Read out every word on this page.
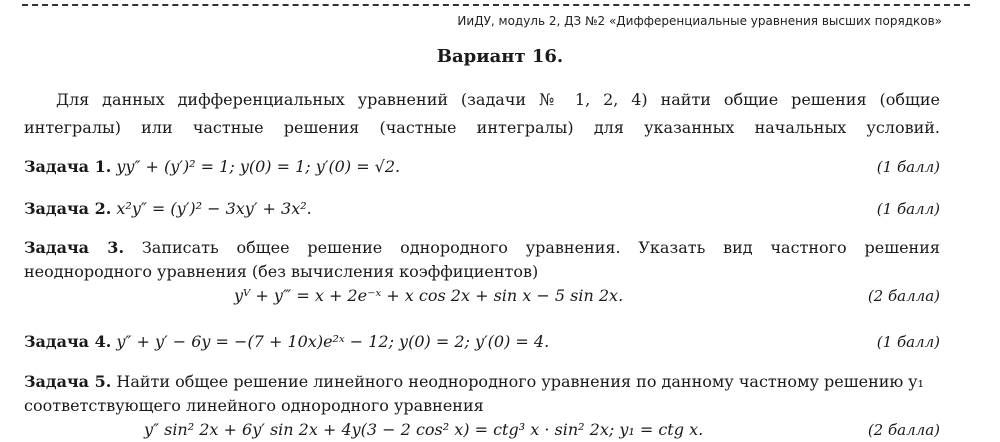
ИиДУ, модуль 2, ДЗ №2 «Дифференциальные уравнения высших порядков»
Вариант 16.
Для данных дифференциальных уравнений (задачи № 1, 2, 4) найти общие решения (общие интегралы) или частные решения (частные интегралы) для указанных начальных условий.
Задача 1. yy″ + (y′)² = 1; y(0) = 1; y′(0) = √2.	(1 балл)
Задача 2. x²y″ = (y′)² − 3xy′ + 3x².	(1 балл)
Задача 3. Записать общее решение однородного уравнения. Указать вид частного решения неоднородного уравнения (без вычисления коэффициентов)
yⱽ + y‴ = x + 2e⁻ˣ + x cos 2x + sin x − 5 sin 2x.	(2 балла)
Задача 4. y″ + y′ − 6y = −(7 + 10x)e²ˣ − 12; y(0) = 2; y′(0) = 4.	(1 балл)
Задача 5. Найти общее решение линейного неоднородного уравнения по данному частному решению y₁ соответствующего линейного однородного уравнения
y″ sin² 2x + 6y′ sin 2x + 4y(3 − 2 cos² x) = ctg³ x · sin² 2x; y₁ = ctg x.	(2 балла)
